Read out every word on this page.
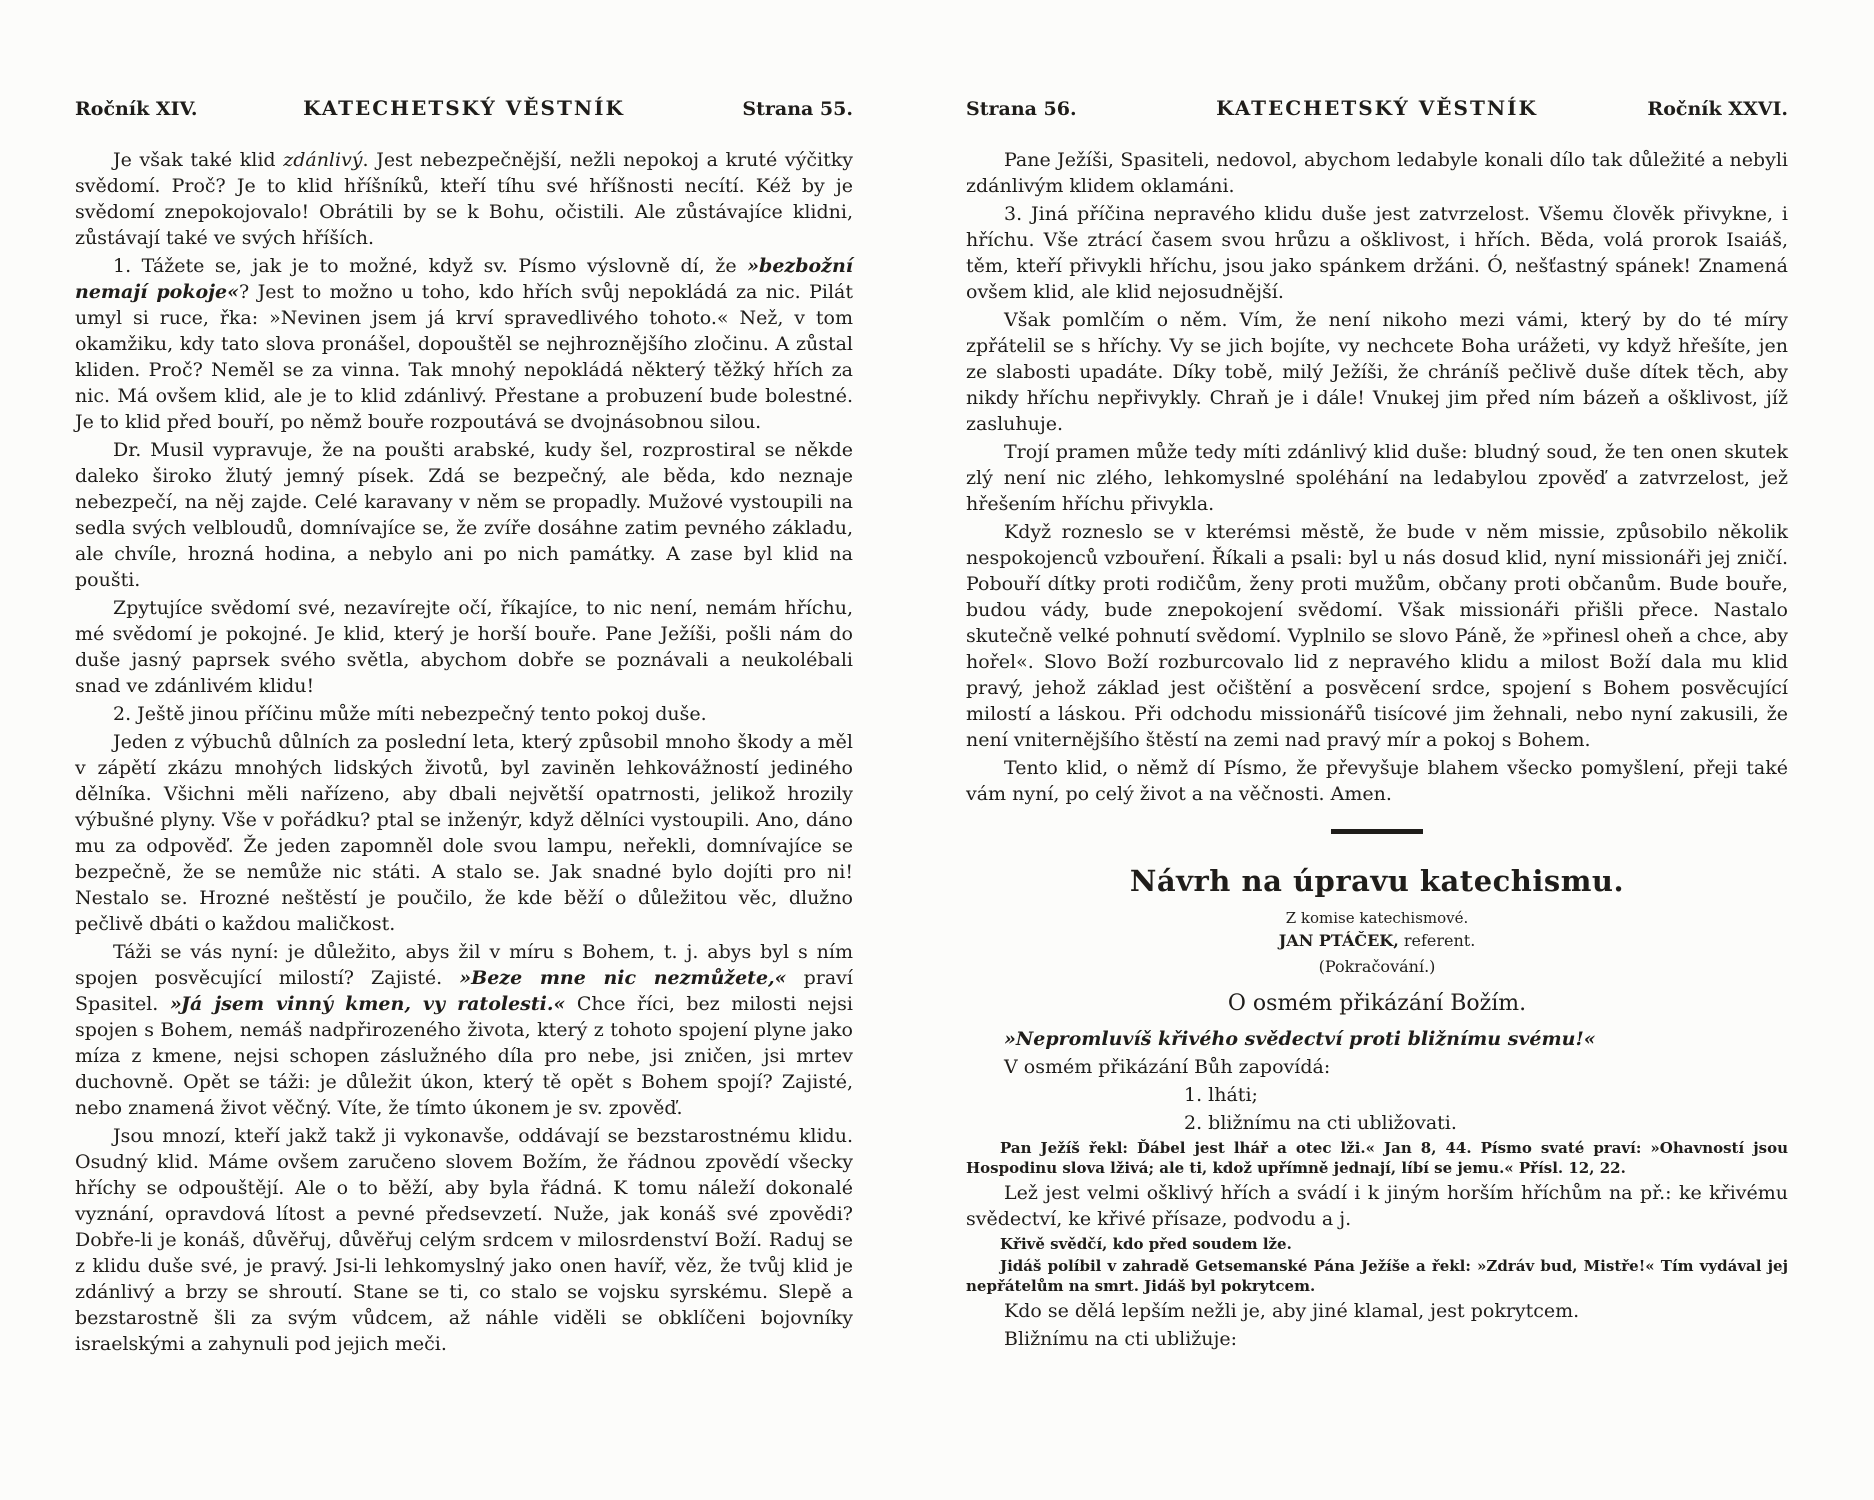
Ročník XIV.	KATECHETSKÝ VĚSTNÍK	Strana 55.

Je však také klid zdánlivý. Jest nebezpečnější, nežli nepokoj a kruté výčitky svědomí. Proč? Je to klid hříšníků, kteří tíhu své hříšnosti necítí. Kéž by je svědomí znepokojovalo! Obrátili by se k Bohu, očistili. Ale zůstávajíce klidni, zůstávají také ve svých hříších.

1. Tážete se, jak je to možné, když sv. Písmo výslovně dí, že »bezbožní nemají pokoje«? Jest to možno u toho, kdo hřích svůj nepokládá za nic. Pilát umyl si ruce, řka: »Nevinen jsem já krví spravedlivého tohoto.« Než, v tom okamžiku, kdy tato slova pronášel, dopouštěl se nejhroznějšího zločinu. A zůstal kliden. Proč? Neměl se za vinna. Tak mnohý nepokládá některý těžký hřích za nic. Má ovšem klid, ale je to klid zdánlivý. Přestane a probuzení bude bolestné. Je to klid před bouří, po němž bouře rozpoutává se dvojnásobnou silou.

Dr. Musil vypravuje, že na poušti arabské, kudy šel, rozprostiral se někde daleko široko žlutý jemný písek. Zdá se bezpečný, ale běda, kdo neznaje nebezpečí, na něj zajde. Celé karavany v něm se propadly. Mužové vystoupili na sedla svých velbloudů, domnívajíce se, že zvíře dosáhne zatim pevného základu, ale chvíle, hrozná hodina, a nebylo ani po nich památky. A zase byl klid na poušti.

Zpytujíce svědomí své, nezavírejte očí, říkajíce, to nic není, nemám hříchu, mé svědomí je pokojné. Je klid, který je horší bouře. Pane Ježíši, pošli nám do duše jasný paprsek svého světla, abychom dobře se poznávali a neukolébali snad ve zdánlivém klidu!

2. Ještě jinou příčinu může míti nebezpečný tento pokoj duše.

Jeden z výbuchů důlních za poslední leta, který způsobil mnoho škody a měl v zápětí zkázu mnohých lidských životů, byl zaviněn lehkovážností jediného dělníka. Všichni měli nařízeno, aby dbali největší opatrnosti, jelikož hrozily výbušné plyny. Vše v pořádku? ptal se inženýr, když dělníci vystoupili. Ano, dáno mu za odpověď. Že jeden zapomněl dole svou lampu, neřekli, domnívajíce se bezpečně, že se nemůže nic státi. A stalo se. Jak snadné bylo dojíti pro ni! Nestalo se. Hrozné neštěstí je poučilo, že kde běží o důležitou věc, dlužno pečlivě dbáti o každou maličkost.

Táži se vás nyní: je důležito, abys žil v míru s Bohem, t. j. abys byl s ním spojen posvěcující milostí? Zajisté. »Beze mne nic nezmůžete,« praví Spasitel. »Já jsem vinný kmen, vy ratolesti.« Chce říci, bez milosti nejsi spojen s Bohem, nemáš nadpřirozeného života, který z tohoto spojení plyne jako míza z kmene, nejsi schopen záslužného díla pro nebe, jsi zničen, jsi mrtev duchovně. Opět se táži: je důležit úkon, který tě opět s Bohem spojí? Zajisté, nebo znamená život věčný. Víte, že tímto úkonem je sv. zpověď.

Jsou mnozí, kteří jakž takž ji vykonavše, oddávají se bezstarostnému klidu. Osudný klid. Máme ovšem zaručeno slovem Božím, že řádnou zpovědí všecky hříchy se odpouštějí. Ale o to běží, aby byla řádná. K tomu náleží dokonalé vyznání, opravdová lítost a pevné předsevzetí. Nuže, jak konáš své zpovědi? Dobře-li je konáš, důvěřuj, důvěřuj celým srdcem v milosrdenství Boží. Raduj se z klidu duše své, je pravý. Jsi-li lehkomyslný jako onen havíř, věz, že tvůj klid je zdánlivý a brzy se shroutí. Stane se ti, co stalo se vojsku syrskému. Slepě a bezstarostně šli za svým vůdcem, až náhle viděli se obklíčeni bojovníky israelskými a zahynuli pod jejich meči.

Strana 56.	KATECHETSKÝ VĚSTNÍK	Ročník XXVI.

Pane Ježíši, Spasiteli, nedovol, abychom ledabyle konali dílo tak důležité a nebyli zdánlivým klidem oklamáni.

3. Jiná příčina nepravého klidu duše jest zatvrzelost. Všemu člověk přivykne, i hříchu. Vše ztrácí časem svou hrůzu a ošklivost, i hřích. Běda, volá prorok Isaiáš, těm, kteří přivykli hříchu, jsou jako spánkem držáni. Ó, nešťastný spánek! Znamená ovšem klid, ale klid nejosudnější.

Však pomlčím o něm. Vím, že není nikoho mezi vámi, který by do té míry zpřátelil se s hříchy. Vy se jich bojíte, vy nechcete Boha urážeti, vy když hřešíte, jen ze slabosti upadáte. Díky tobě, milý Ježíši, že chráníš pečlivě duše dítek těch, aby nikdy hříchu nepřivykly. Chraň je i dále! Vnukej jim před ním bázeň a ošklivost, jíž zasluhuje.

Trojí pramen může tedy míti zdánlivý klid duše: bludný soud, že ten onen skutek zlý není nic zlého, lehkomyslné spoléhání na ledabylou zpověď a zatvrzelost, jež hřešením hříchu přivykla.

Když rozneslo se v kterémsi městě, že bude v něm missie, způsobilo několik nespokojenců vzbouření. Říkali a psali: byl u nás dosud klid, nyní missionáři jej zničí. Pobouří dítky proti rodičům, ženy proti mužům, občany proti občanům. Bude bouře, budou vády, bude znepokojení svědomí. Však missionáři přišli přece. Nastalo skutečně velké pohnutí svědomí. Vyplnilo se slovo Páně, že »přinesl oheň a chce, aby hořel«. Slovo Boží rozburcovalo lid z nepravého klidu a milost Boží dala mu klid pravý, jehož základ jest očištění a posvěcení srdce, spojení s Bohem posvěcující milostí a láskou. Při odchodu missionářů tisícové jim žehnali, nebo nyní zakusili, že není vniternějšího štěstí na zemi nad pravý mír a pokoj s Bohem.

Tento klid, o němž dí Písmo, že převyšuje blahem všecko pomyšlení, přeji také vám nyní, po celý život a na věčnosti. Amen.

Návrh na úpravu katechismu.

Z komise katechismové.

JAN PTÁČEK, referent.

(Pokračování.)

O osmém přikázání Božím.

»Nepromluvíš křivého svědectví proti bližnímu svému!«

V osmém přikázání Bůh zapovídá:

1. lháti;

2. bližnímu na cti ubližovati.

Pan Ježíš řekl: Ďábel jest lhář a otec lži.« Jan 8, 44. Písmo svaté praví: »Ohavností jsou Hospodinu slova lživá; ale ti, kdož upřímně jednají, líbí se jemu.« Přísl. 12, 22.

Lež jest velmi ošklivý hřích a svádí i k jiným horším hříchům na př.: ke křivému svědectví, ke křivé přísaze, podvodu a j.

Křivě svědčí, kdo před soudem lže.

Jidáš políbil v zahradě Getsemanské Pána Ježíše a řekl: »Zdráv bud, Mistře!« Tím vydával jej nepřátelům na smrt. Jidáš byl pokrytcem.

Kdo se dělá lepším nežli je, aby jiné klamal, jest pokrytcem.

Bližnímu na cti ubližuje:
